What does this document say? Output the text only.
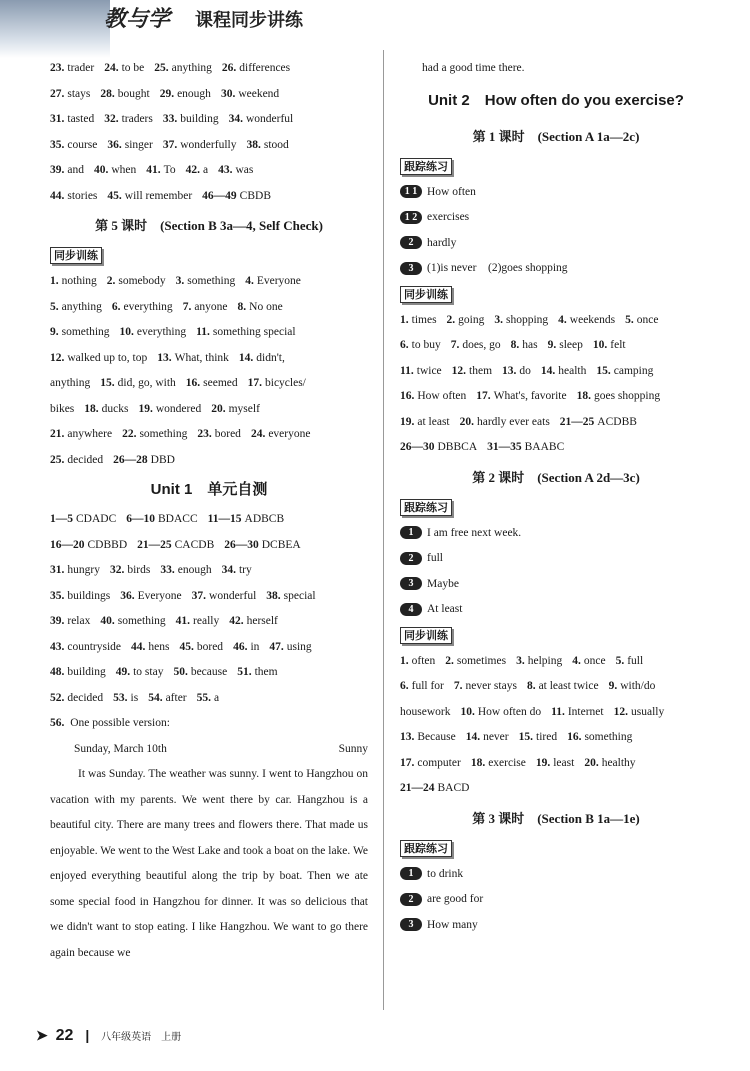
教与学 课程同步讲练
23. trader 24. to be 25. anything 26. differences
27. stays 28. bought 29. enough 30. weekend
31. tasted 32. traders 33. building 34. wonderful
35. course 36. singer 37. wonderfully 38. stood
39. and 40. when 41. To 42. a 43. was
44. stories 45. will remember 46—49 CBDB
第 5 课时　(Section B 3a—4, Self Check)
同步训练
1. nothing 2. somebody 3. something 4. Everyone
5. anything 6. everything 7. anyone 8. No one
9. something 10. everything 11. something special
12. walked up to, top 13. What, think 14. didn't,
anything 15. did, go, with 16. seemed 17. bicycles/
bikes 18. ducks 19. wondered 20. myself
21. anywhere 22. something 23. bored 24. everyone
25. decided 26—28 DBD
Unit 1　单元自测
1—5 CDADC 6—10 BDACC 11—15 ADBCB
16—20 CDBBD 21—25 CACDB 26—30 DCBEA
31. hungry 32. birds 33. enough 34. try
35. buildings 36. Everyone 37. wonderful 38. special
39. relax 40. something 41. really 42. herself
43. countryside 44. hens 45. bored 46. in 47. using
48. building 49. to stay 50. because 51. them
52. decided 53. is 54. after 55. a
56. One possible version:
Sunday, March 10th	Sunny
It was Sunday. The weather was sunny. I went to Hangzhou on vacation with my parents. We went there by car. Hangzhou is a beautiful city. There are many trees and flowers there. That made us enjoyable. We went to the West Lake and took a boat on the lake. We enjoyed everything beautiful along the trip by boat. Then we ate some special food in Hangzhou for dinner. It was so delicious that we didn't want to stop eating. I like Hangzhou. We want to go there again because we
had a good time there.
Unit 2　How often do you exercise?
第 1 课时　(Section A 1a—2c)
跟踪练习
1 1 How often
1 2 exercises
2 hardly
3 (1)is never　(2)goes shopping
同步训练
1. times 2. going 3. shopping 4. weekends 5. once
6. to buy 7. does, go 8. has 9. sleep 10. felt
11. twice 12. them 13. do 14. health 15. camping
16. How often 17. What's, favorite 18. goes shopping
19. at least 20. hardly ever eats 21—25 ACDBB
26—30 DBBCA 31—35 BAABC
第 2 课时　(Section A 2d—3c)
跟踪练习
1 I am free next week.
2 full
3 Maybe
4 At least
同步训练
1. often 2. sometimes 3. helping 4. once 5. full
6. full for 7. never stays 8. at least twice 9. with/do
housework 10. How often do 11. Internet 12. usually
13. Because 14. never 15. tired 16. something
17. computer 18. exercise 19. least 20. healthy
21—24 BACD
第 3 课时　(Section B 1a—1e)
跟踪练习
1 to drink
2 are good for
3 How many
➤ 22 | 八年级英语　上册
